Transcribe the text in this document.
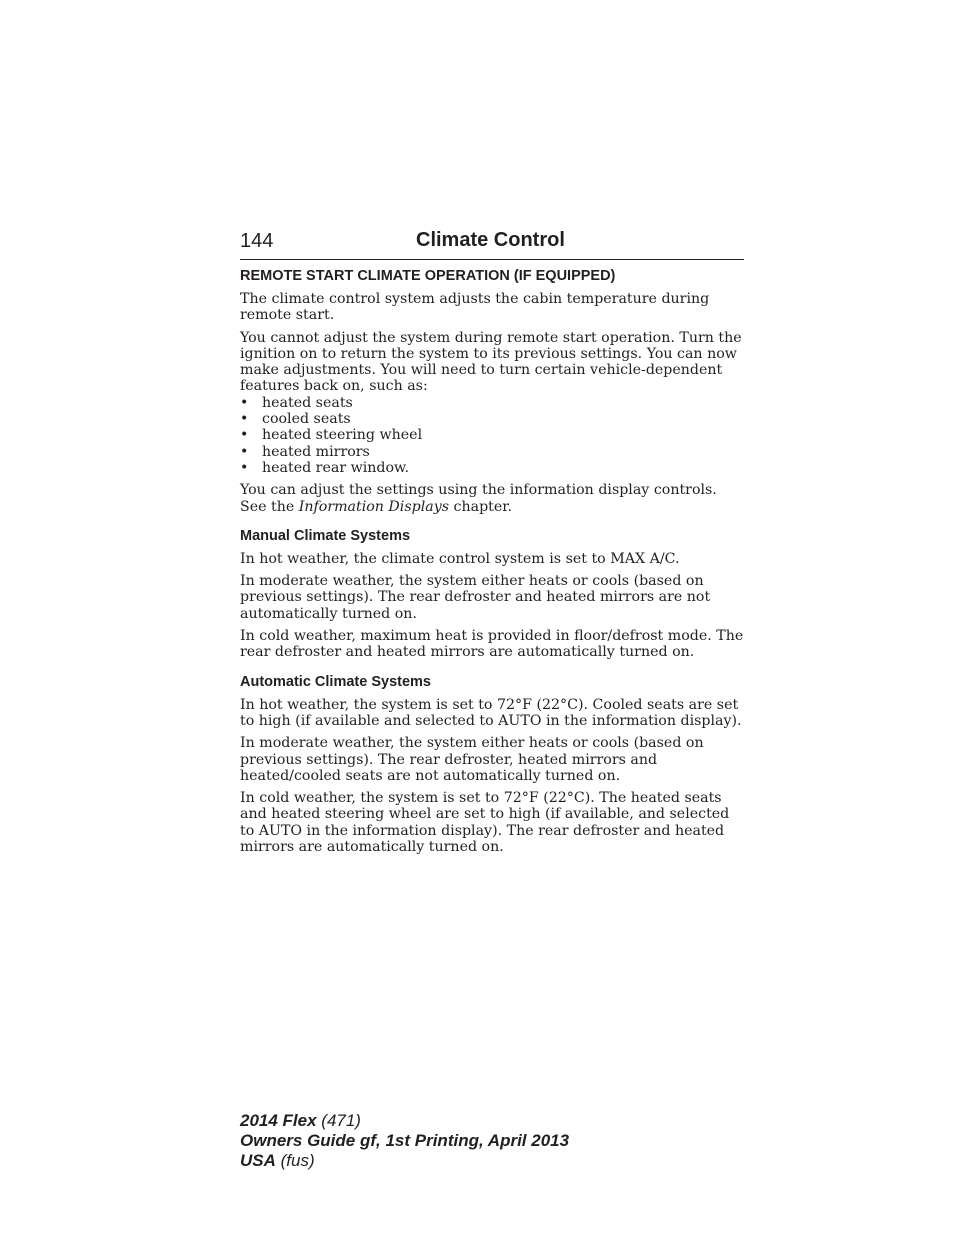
144	Climate Control
REMOTE START CLIMATE OPERATION (IF EQUIPPED)

The climate control system adjusts the cabin temperature during remote start.

You cannot adjust the system during remote start operation. Turn the ignition on to return the system to its previous settings. You can now make adjustments. You will need to turn certain vehicle-dependent features back on, such as:

• heated seats
• cooled seats
• heated steering wheel
• heated mirrors
• heated rear window.

You can adjust the settings using the information display controls. See the Information Displays chapter.

Manual Climate Systems

In hot weather, the climate control system is set to MAX A/C.

In moderate weather, the system either heats or cools (based on previous settings). The rear defroster and heated mirrors are not automatically turned on.

In cold weather, maximum heat is provided in floor/defrost mode. The rear defroster and heated mirrors are automatically turned on.

Automatic Climate Systems

In hot weather, the system is set to 72°F (22°C). Cooled seats are set to high (if available and selected to AUTO in the information display).

In moderate weather, the system either heats or cools (based on previous settings). The rear defroster, heated mirrors and heated/cooled seats are not automatically turned on.

In cold weather, the system is set to 72°F (22°C). The heated seats and heated steering wheel are set to high (if available, and selected to AUTO in the information display). The rear defroster and heated mirrors are automatically turned on.

2014 Flex (471)
Owners Guide gf, 1st Printing, April 2013
USA (fus)
